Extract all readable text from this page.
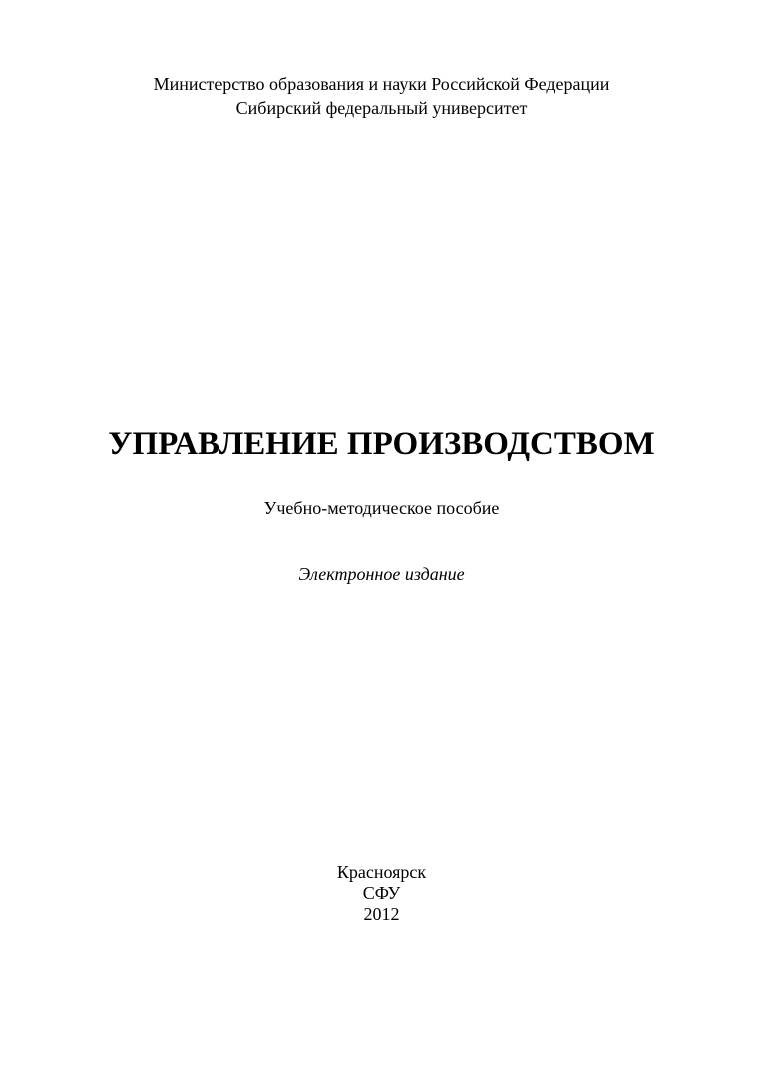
Министерство образования и науки Российской Федерации
Сибирский федеральный университет
УПРАВЛЕНИЕ ПРОИЗВОДСТВОМ
Учебно-методическое пособие
Электронное издание
Красноярск
СФУ
2012
